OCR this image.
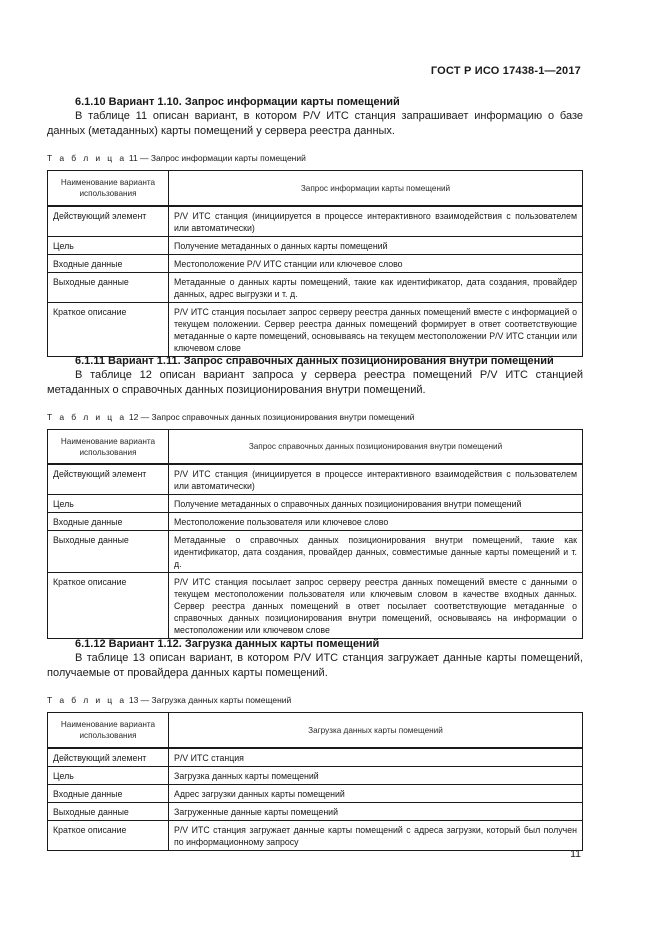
ГОСТ Р ИСО 17438-1—2017
6.1.10 Вариант 1.10. Запрос информации карты помещений
В таблице 11 описан вариант, в котором P/V ИТС станция запрашивает информацию о базе данных (метаданных) карты помещений у сервера реестра данных.
Т а б л и ц а 11 — Запрос информации карты помещений
Наименование варианта использования	Запрос информации карты помещений
Действующий элемент	P/V ИТС станция (инициируется в процессе интерактивного взаимодействия с пользователем или автоматически)
Цель	Получение метаданных о данных карты помещений
Входные данные	Местоположение P/V ИТС станции или ключевое слово
Выходные данные	Метаданные о данных карты помещений, такие как идентификатор, дата создания, провайдер данных, адрес выгрузки и т. д.
Краткое описание	P/V ИТС станция посылает запрос серверу реестра данных помещений вместе с информацией о текущем положении. Сервер реестра данных помещений формирует в ответ соответствующие метаданные о карте помещений, основываясь на текущем местоположении P/V ИТС станции или ключевом слове
6.1.11 Вариант 1.11. Запрос справочных данных позиционирования внутри помещений
В таблице 12 описан вариант запроса у сервера реестра помещений P/V ИТС станцией метаданных о справочных данных позиционирования внутри помещений.
Т а б л и ц а 12 — Запрос справочных данных позиционирования внутри помещений
Наименование варианта использования	Запрос справочных данных позиционирования внутри помещений
Действующий элемент	P/V ИТС станция (инициируется в процессе интерактивного взаимодействия с пользователем или автоматически)
Цель	Получение метаданных о справочных данных позиционирования внутри помещений
Входные данные	Местоположение пользователя или ключевое слово
Выходные данные	Метаданные о справочных данных позиционирования внутри помещений, такие как идентификатор, дата создания, провайдер данных, совместимые данные карты помещений и т. д.
Краткое описание	P/V ИТС станция посылает запрос серверу реестра данных помещений вместе с данными о текущем местоположении пользователя или ключевым словом в качестве входных данных. Сервер реестра данных помещений в ответ посылает соответствующие метаданные о справочных данных позиционирования внутри помещений, основываясь на информации о местоположении или ключевом слове
6.1.12 Вариант 1.12. Загрузка данных карты помещений
В таблице 13 описан вариант, в котором P/V ИТС станция загружает данные карты помещений, получаемые от провайдера данных карты помещений.
Т а б л и ц а 13 — Загрузка данных карты помещений
Наименование варианта использования	Загрузка данных карты помещений
Действующий элемент	P/V ИТС станция
Цель	Загрузка данных карты помещений
Входные данные	Адрес загрузки данных карты помещений
Выходные данные	Загруженные данные карты помещений
Краткое описание	P/V ИТС станция загружает данные карты помещений с адреса загрузки, который был получен по информационному запросу
11
